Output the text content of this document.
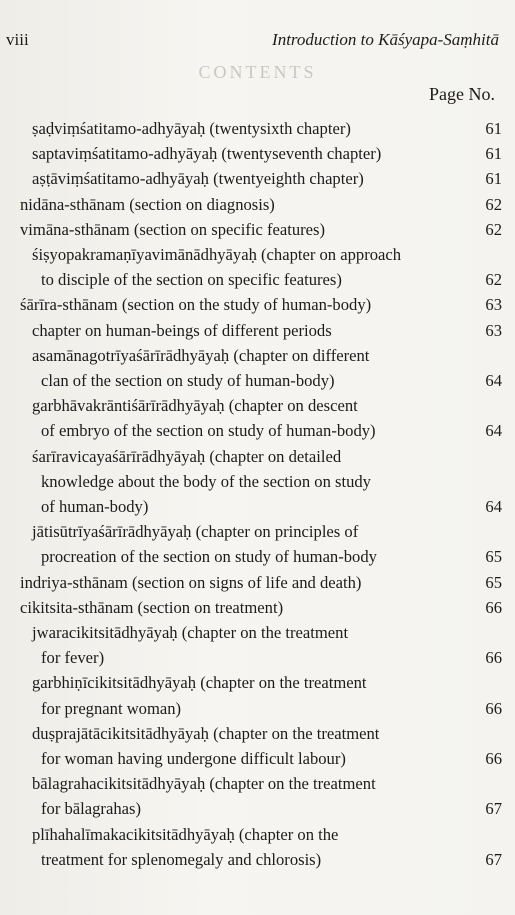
viii	Introduction to Kāśyapa-Saṃhitā
CONTENTS
Page No.
ṣaḍviṃśatitamo-adhyāyaḥ (twentysixth chapter)	61
saptaviṃśatitamo-adhyāyaḥ (twentyseventh chapter)	61
aṣṭāviṃśatitamo-adhyāyaḥ (twentyeighth chapter)	61
nidāna-sthānam (section on diagnosis)	62
vimāna-sthānam (section on specific features)	62
śiṣyopakramaṇīyavimānādhyāyaḥ (chapter on approach
to disciple of the section on specific features)	62
śārīra-sthānam (section on the study of human-body)	63
chapter on human-beings of different periods	63
asamānagotrīyaśārīrādhyāyaḥ (chapter on different
clan of the section on study of human-body)	64
garbhāvakrāntiśārīrādhyāyaḥ (chapter on descent
of embryo of the section on study of human-body)	64
śarīravicayaśārīrādhyāyaḥ (chapter on detailed
knowledge about the body of the section on study
of human-body)	64
jātisūtrīyaśārīrādhyāyaḥ (chapter on principles of
procreation of the section on study of human-body	65
indriya-sthānam (section on signs of life and death)	65
cikitsita-sthānam (section on treatment)	66
jwaracikitsitādhyāyaḥ (chapter on the treatment
for fever)	66
garbhiṇīcikitsitādhyāyaḥ (chapter on the treatment
for pregnant woman)	66
duṣprajātācikitsitādhyāyaḥ (chapter on the treatment
for woman having undergone difficult labour)	66
bālagrahacikitsitādhyāyaḥ (chapter on the treatment
for bālagrahas)	67
plīhahalīmakacikitsitādhyāyaḥ (chapter on the
treatment for splenomegaly and chlorosis)	67
